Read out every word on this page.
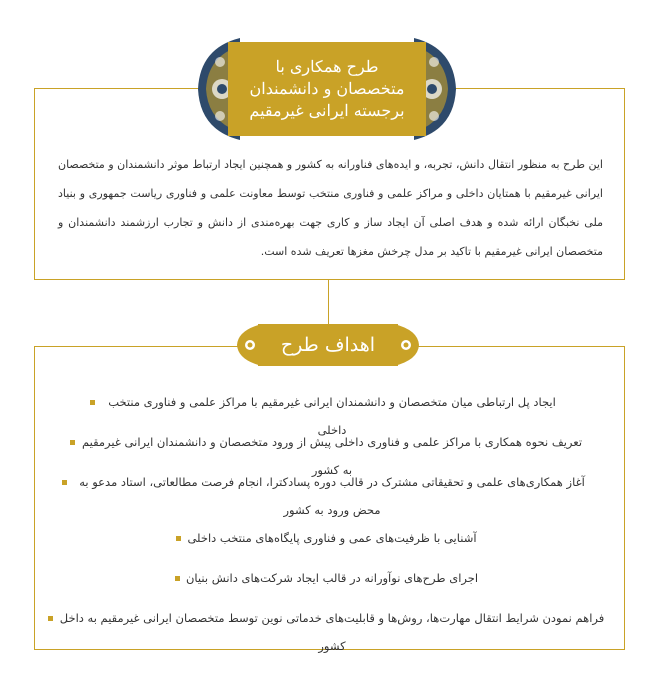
طرح همکاری با
متخصصان و دانشمندان
برجسته ایرانی غیرمقیم
این طرح به منظور انتقال دانش، تجربه، و ایده‌های فناورانه به کشور و همچنین ایجاد ارتباط موثر دانشمندان و متخصصان ایرانی غیرمقیم با همتایان داخلی و مراکز علمی و فناوری منتخب توسط معاونت علمی و فناوری ریاست جمهوری و بنیاد ملی نخبگان ارائه شده و هدف اصلی آن ایجاد ساز و کاری جهت بهره‌مندی از دانش و تجارب ارزشمند دانشمندان و متخصصان ایرانی غیرمقیم با تاکید بر مدل چرخش مغزها تعریف شده است.
اهداف طرح
ایجاد پل ارتباطی میان متخصصان و دانشمندان ایرانی غیرمقیم با مراکز علمی و فناوری منتخب داخلی
تعریف نحوه همکاری با مراکز علمی و فناوری داخلی پیش از ورود متخصصان و دانشمندان ایرانی غیرمقیم به کشور
آغاز همکاری‌های علمی و تحقیقاتی مشترک در قالب دوره پسادکترا، انجام فرصت مطالعاتی، استاد مدعو به محض ورود به کشور
آشنایی با ظرفیت‌های عمی و فناوری پایگاه‌های منتخب داخلی
اجرای طرح‌های نوآورانه در قالب ایجاد شرکت‌های دانش بنیان
فراهم نمودن شرایط انتقال مهارت‌ها، روش‌ها و قابلیت‌های خدماتی نوین توسط متخصصان ایرانی غیرمقیم به داخل کشور
